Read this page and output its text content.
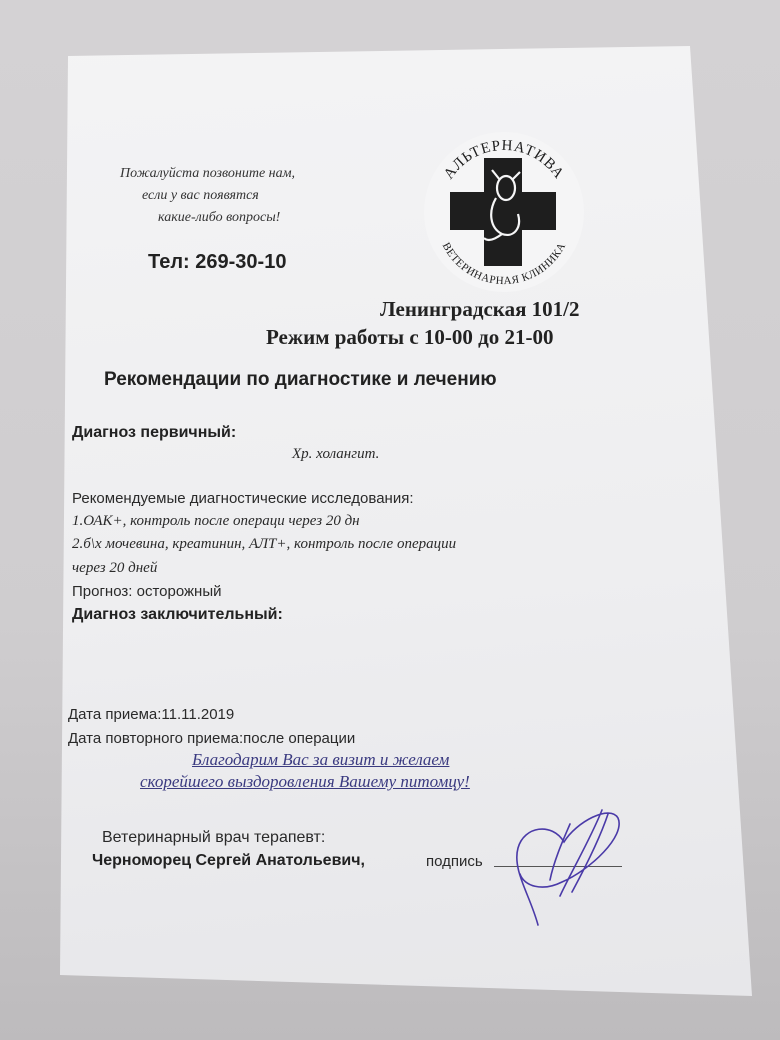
Пожалуйста позвоните нам,
если у вас появятся
какие-либо вопросы!
Тел: 269-30-10
АЛЬТЕРНАТИВА
ВЕТЕРИНАРНАЯ КЛИНИКА
Ленинградская 101/2
Режим работы с 10-00 до 21-00
Рекомендации по диагностике и лечению
Диагноз первичный:
Хр. холангит.
Рекомендуемые диагностические исследования:
1.ОАК+, контроль после операци через 20 дн
2.б\х мочевина, креатинин, АЛТ+, контроль после операции
через 20 дней
Прогноз: осторожный
Диагноз заключительный:
Дата приема:11.11.2019
Дата повторного приема:после операции
Благодарим Вас за визит и желаем
скорейшего выздоровления Вашему питомцу!
Ветеринарный врач терапевт:
Черноморец Сергей Анатольевич,	подпись
